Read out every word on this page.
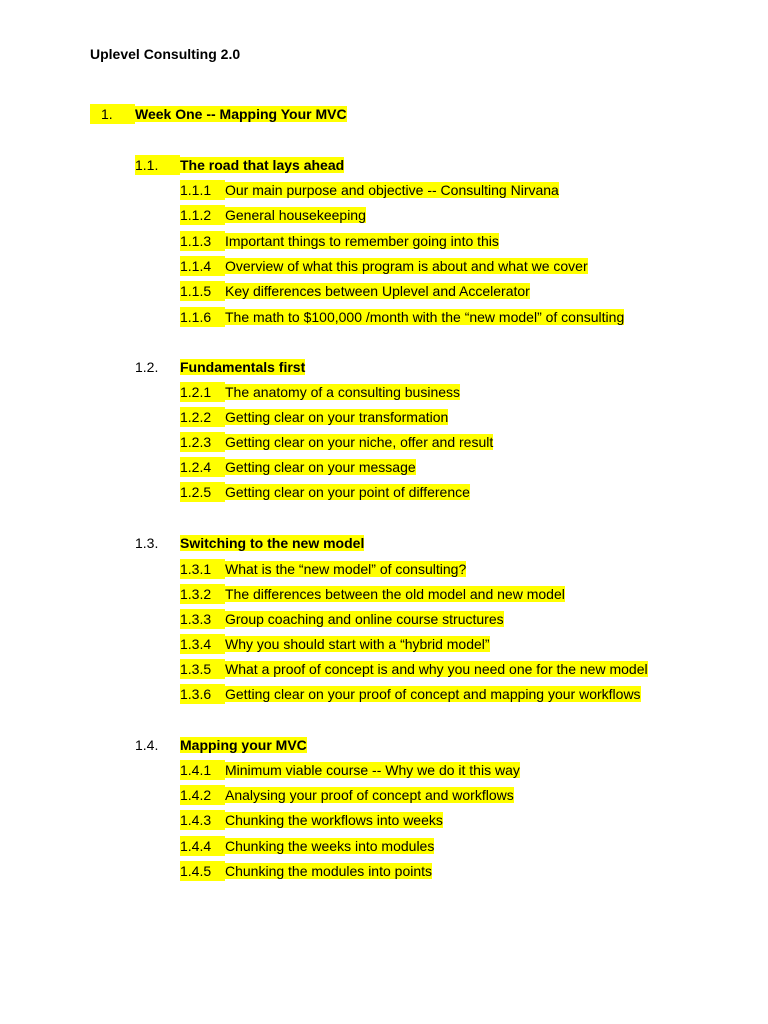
Uplevel Consulting 2.0
1. Week One -- Mapping Your MVC
1.1. The road that lays ahead
1.1.1 Our main purpose and objective -- Consulting Nirvana
1.1.2 General housekeeping
1.1.3 Important things to remember going into this
1.1.4 Overview of what this program is about and what we cover
1.1.5 Key differences between Uplevel and Accelerator
1.1.6 The math to $100,000 /month with the “new model” of consulting
1.2. Fundamentals first
1.2.1 The anatomy of a consulting business
1.2.2 Getting clear on your transformation
1.2.3 Getting clear on your niche, offer and result
1.2.4 Getting clear on your message
1.2.5 Getting clear on your point of difference
1.3. Switching to the new model
1.3.1 What is the “new model” of consulting?
1.3.2 The differences between the old model and new model
1.3.3 Group coaching and online course structures
1.3.4 Why you should start with a “hybrid model”
1.3.5 What a proof of concept is and why you need one for the new model
1.3.6 Getting clear on your proof of concept and mapping your workflows
1.4. Mapping your MVC
1.4.1 Minimum viable course -- Why we do it this way
1.4.2 Analysing your proof of concept and workflows
1.4.3 Chunking the workflows into weeks
1.4.4 Chunking the weeks into modules
1.4.5 Chunking the modules into points
